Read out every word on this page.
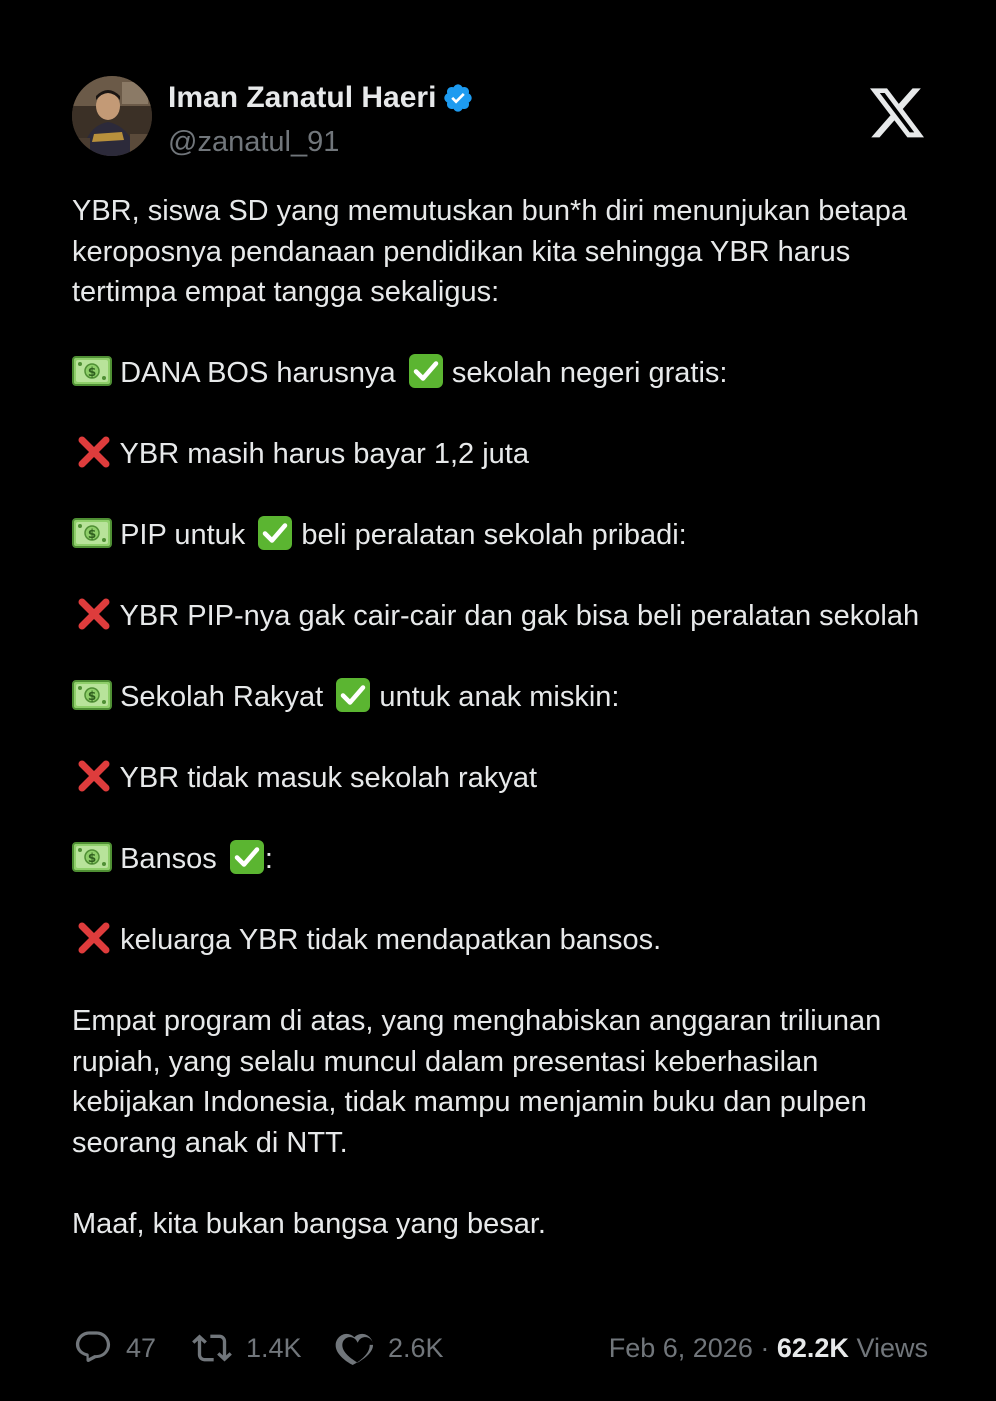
Iman Zanatul Haeri
@zanatul_91

YBR, siswa SD yang memutuskan bun*h diri menunjukan betapa keroposnya pendanaan pendidikan kita sehingga YBR harus tertimpa empat tangga sekaligus:

DANA BOS harusnya sekolah negeri gratis:

YBR masih harus bayar 1,2 juta

PIP untuk beli peralatan sekolah pribadi:

YBR PIP-nya gak cair-cair dan gak bisa beli peralatan sekolah

Sekolah Rakyat untuk anak miskin:

YBR tidak masuk sekolah rakyat

Bansos :

keluarga YBR tidak mendapatkan bansos.

Empat program di atas, yang menghabiskan anggaran triliunan rupiah, yang selalu muncul dalam presentasi keberhasilan kebijakan Indonesia, tidak mampu menjamin buku dan pulpen seorang anak di NTT.

Maaf, kita bukan bangsa yang besar.

47	1.4K	2.6K	Feb 6, 2026 · 62.2K Views
